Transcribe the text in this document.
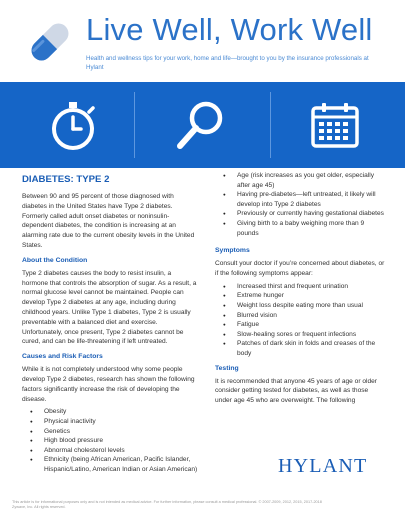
Live Well, Work Well
Health and wellness tips for your work, home and life—brought to you by the insurance professionals at Hylant
DIABETES: TYPE 2
Between 90 and 95 percent of those diagnosed with diabetes in the United States have Type 2 diabetes. Formerly called adult onset diabetes or noninsulin-dependent diabetes, the condition is increasing at an alarming rate due to the current obesity levels in the United States.
About the Condition
Type 2 diabetes causes the body to resist insulin, a hormone that controls the absorption of sugar. As a result, a normal glucose level cannot be maintained. People can develop Type 2 diabetes at any age, including during childhood years. Unlike Type 1 diabetes, Type 2 is usually preventable with a balanced diet and exercise. Unfortunately, once present, Type 2 diabetes cannot be cured, and can be life-threatening if left untreated.
Causes and Risk Factors
While it is not completely understood why some people develop Type 2 diabetes, research has shown the following factors significantly increase the risk of developing the disease.
● Obesity
● Physical inactivity
● Genetics
● High blood pressure
● Abnormal cholesterol levels
● Ethnicity (being African American, Pacific Islander, Hispanic/Latino, American Indian or Asian American)
● Age (risk increases as you get older, especially after age 45)
● Having pre-diabetes—left untreated, it likely will develop into Type 2 diabetes
● Previously or currently having gestational diabetes
● Giving birth to a baby weighing more than 9 pounds
Symptoms
Consult your doctor if you’re concerned about diabetes, or if the following symptoms appear:
● Increased thirst and frequent urination
● Extreme hunger
● Weight loss despite eating more than usual
● Blurred vision
● Fatigue
● Slow-healing sores or frequent infections
● Patches of dark skin in folds and creases of the body
Testing
It is recommended that anyone 45 years of age or older consider getting tested for diabetes, as well as those under age 45 who are overweight. The following
HYLANT
This article is for informational purposes only and is not intended as medical advice. For further information, please consult a medical professional. © 2007-2009, 2012, 2015, 2017-2018 Zywave, Inc. All rights reserved.
